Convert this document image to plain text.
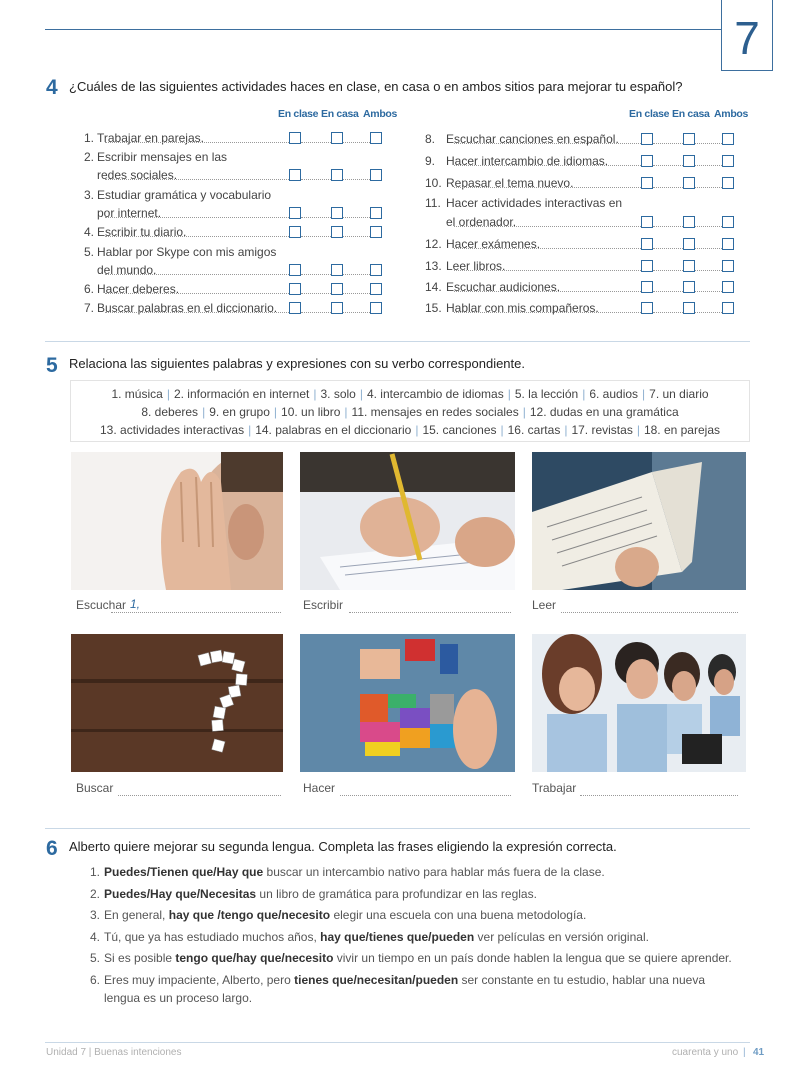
7
4 ¿Cuáles de las siguientes actividades haces en clase, en casa o en ambos sitios para mejorar tu español?
En clase En casa Ambos	En clase En casa Ambos
1. Trabajar en parejas.
2. Escribir mensajes en las
redes sociales.
3. Estudiar gramática y vocabulario
por internet.
4. Escribir tu diario.
5. Hablar por Skype con mis amigos
del mundo.
6. Hacer deberes.
7. Buscar palabras en el diccionario.
8. Escuchar canciones en español.
9. Hacer intercambio de idiomas.
10. Repasar el tema nuevo.
11. Hacer actividades interactivas en
el ordenador.
12. Hacer exámenes.
13. Leer libros.
14. Escuchar audiciones.
15. Hablar con mis compañeros.
5 Relaciona las siguientes palabras y expresiones con su verbo correspondiente.
1. música | 2. información en internet | 3. solo | 4. intercambio de idiomas | 5. la lección | 6. audios | 7. un diario
8. deberes | 9. en grupo | 10. un libro | 11. mensajes en redes sociales | 12. dudas en una gramática
13. actividades interactivas | 14. palabras en el diccionario | 15. canciones | 16. cartas | 17. revistas | 18. en parejas
Escuchar 1,	Escribir	Leer
Buscar	Hacer	Trabajar
6 Alberto quiere mejorar su segunda lengua. Completa las frases eligiendo la expresión correcta.
1. Puedes/Tienen que/Hay que buscar un intercambio nativo para hablar más fuera de la clase.
2. Puedes/Hay que/Necesitas un libro de gramática para profundizar en las reglas.
3. En general, hay que /tengo que/necesito elegir una escuela con una buena metodología.
4. Tú, que ya has estudiado muchos años, hay que/tienes que/pueden ver películas en versión original.
5. Si es posible tengo que/hay que/necesito vivir un tiempo en un país donde hablen la lengua que se quiere aprender.
6. Eres muy impaciente, Alberto, pero tienes que/necesitan/pueden ser constante en tu estudio, hablar una nueva
lengua es un proceso largo.
Unidad 7 | Buenas intenciones	cuarenta y uno | 41
